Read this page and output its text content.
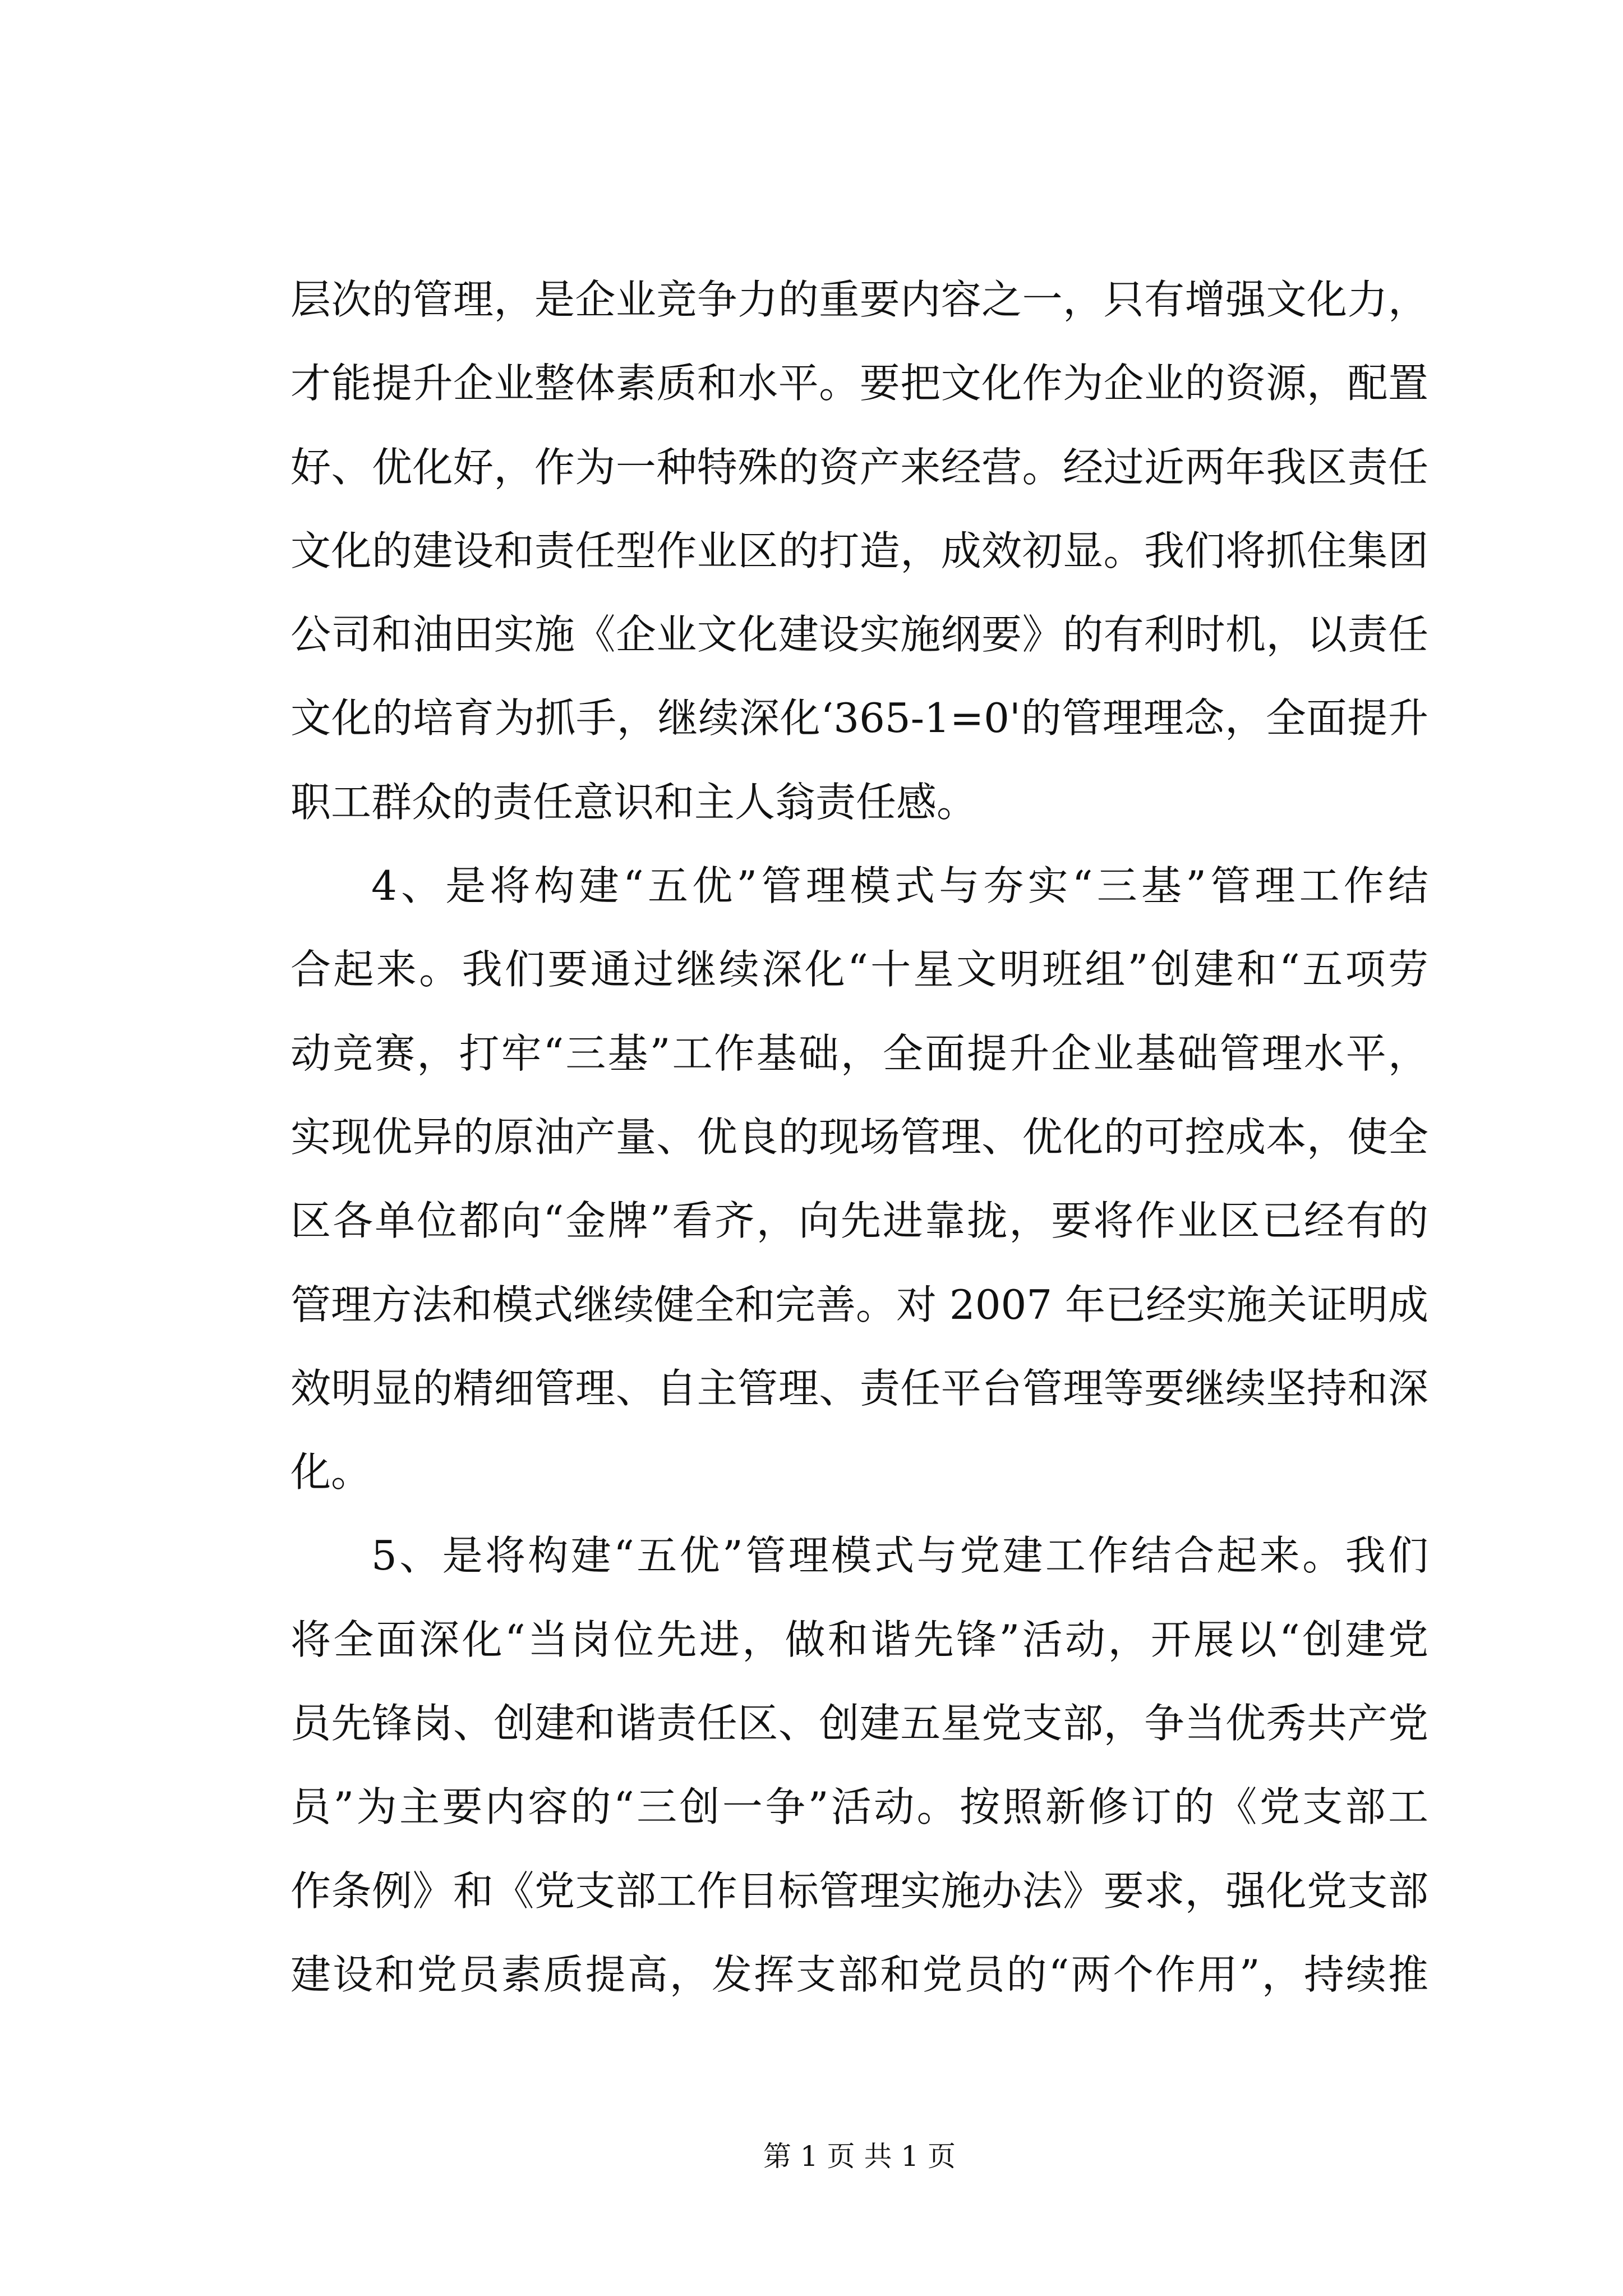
层次的管理，是企业竞争力的重要内容之一，只有增强文化力，
才能提升企业整体素质和水平。要把文化作为企业的资源，配置
好、优化好，作为一种特殊的资产来经营。经过近两年我区责任
文化的建设和责任型作业区的打造，成效初显。我们将抓住集团
公司和油田实施《企业文化建设实施纲要》的有利时机，以责任
文化的培育为抓手，继续深化‘365-1=0'的管理理念，全面提升
职工群众的责任意识和主人翁责任感。
4、是将构建“五优”管理模式与夯实“三基”管理工作结
合起来。我们要通过继续深化“十星文明班组”创建和“五项劳
动竞赛，打牢“三基”工作基础，全面提升企业基础管理水平，
实现优异的原油产量、优良的现场管理、优化的可控成本，使全
区各单位都向“金牌”看齐，向先进靠拢，要将作业区已经有的
管理方法和模式继续健全和完善。对 2007 年已经实施关证明成
效明显的精细管理、自主管理、责任平台管理等要继续坚持和深
化。
5、是将构建“五优”管理模式与党建工作结合起来。我们
将全面深化“当岗位先进，做和谐先锋”活动，开展以“创建党
员先锋岗、创建和谐责任区、创建五星党支部，争当优秀共产党
员”为主要内容的“三创一争”活动。按照新修订的《党支部工
作条例》和《党支部工作目标管理实施办法》要求，强化党支部
建设和党员素质提高，发挥支部和党员的“两个作用”，持续推
第 1 页 共 1 页
